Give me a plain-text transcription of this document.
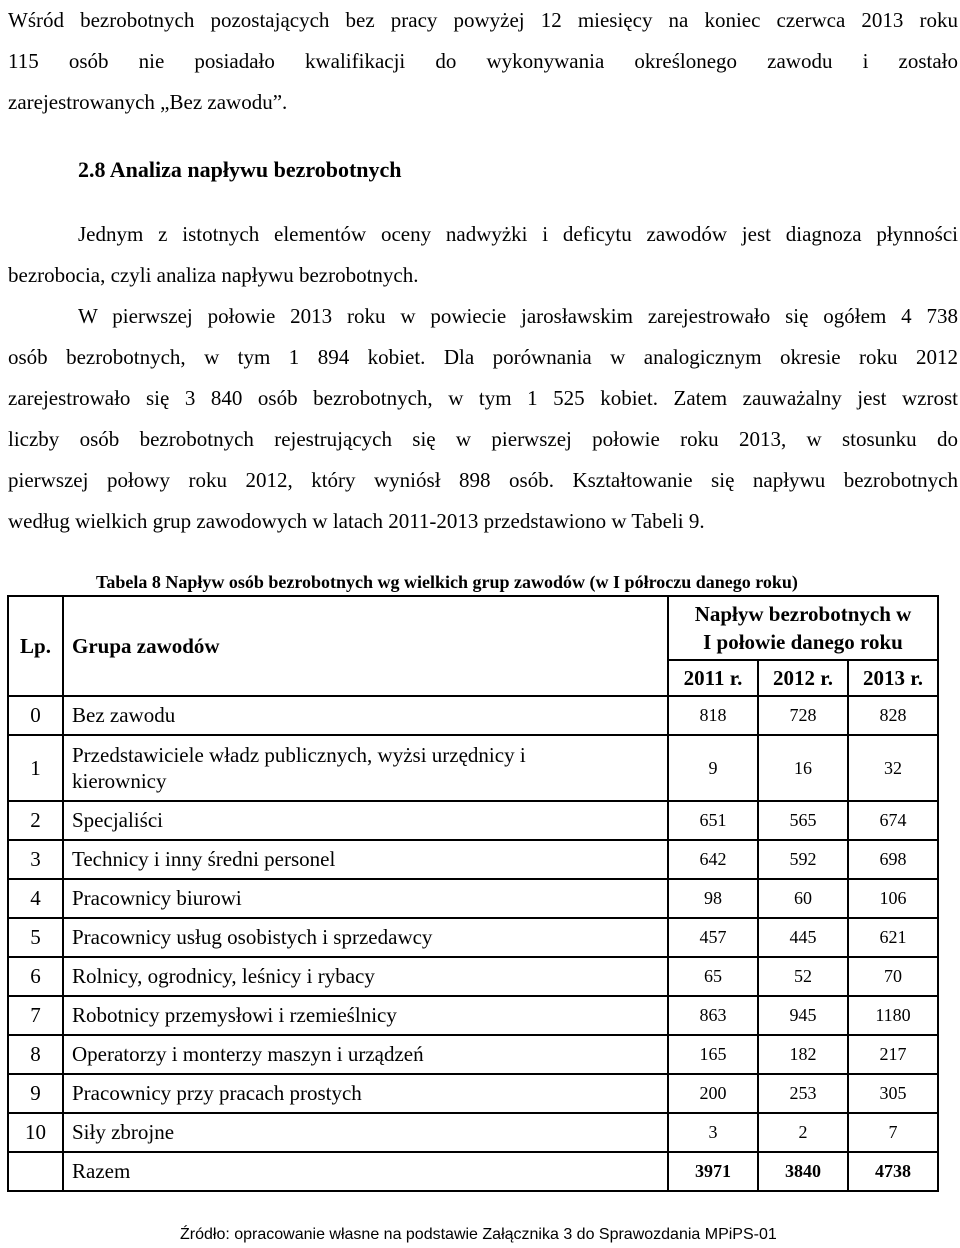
Wśród bezrobotnych pozostających bez pracy powyżej 12 miesięcy na koniec czerwca 2013 roku
115 osób nie posiadało kwalifikacji do wykonywania określonego zawodu i zostało
zarejestrowanych „Bez zawodu”.
2.8 Analiza napływu bezrobotnych
Jednym z istotnych elementów oceny nadwyżki i deficytu zawodów jest diagnoza płynności
bezrobocia, czyli analiza napływu bezrobotnych.
W pierwszej połowie 2013 roku w powiecie jarosławskim zarejestrowało się ogółem 4 738
osób bezrobotnych, w tym 1 894 kobiet. Dla porównania w analogicznym okresie roku 2012
zarejestrowało się 3 840 osób bezrobotnych, w tym 1 525 kobiet. Zatem zauważalny jest wzrost
liczby osób bezrobotnych rejestrujących się w pierwszej połowie roku 2013, w stosunku do
pierwszej połowy roku 2012, który wyniósł 898 osób. Kształtowanie się napływu bezrobotnych
według wielkich grup zawodowych w latach 2011-2013 przedstawiono w Tabeli 9.

Tabela 8 Napływ osób bezrobotnych wg wielkich grup zawodów (w I półroczu danego roku)

Lp.	Grupa zawodów	Napływ bezrobotnych w
I połowie danego roku		
		2011 r.	2012 r.	2013 r.
0	Bez zawodu	818	728	828
1	Przedstawiciele władz publicznych, wyżsi urzędnicy i
kierownicy	9	16	32
2	Specjaliści	651	565	674
3	Technicy i inny średni personel	642	592	698
4	Pracownicy biurowi	98	60	106
5	Pracownicy usług osobistych i sprzedawcy	457	445	621
6	Rolnicy, ogrodnicy, leśnicy i rybacy	65	52	70
7	Robotnicy przemysłowi i rzemieślnicy	863	945	1180
8	Operatorzy i monterzy maszyn i urządzeń	165	182	217
9	Pracownicy przy pracach prostych	200	253	305
10	Siły zbrojne	3	2	7
	Razem	3971	3840	4738

Źródło: opracowanie własne na podstawie Załącznika 3 do Sprawozdania MPiPS-01
